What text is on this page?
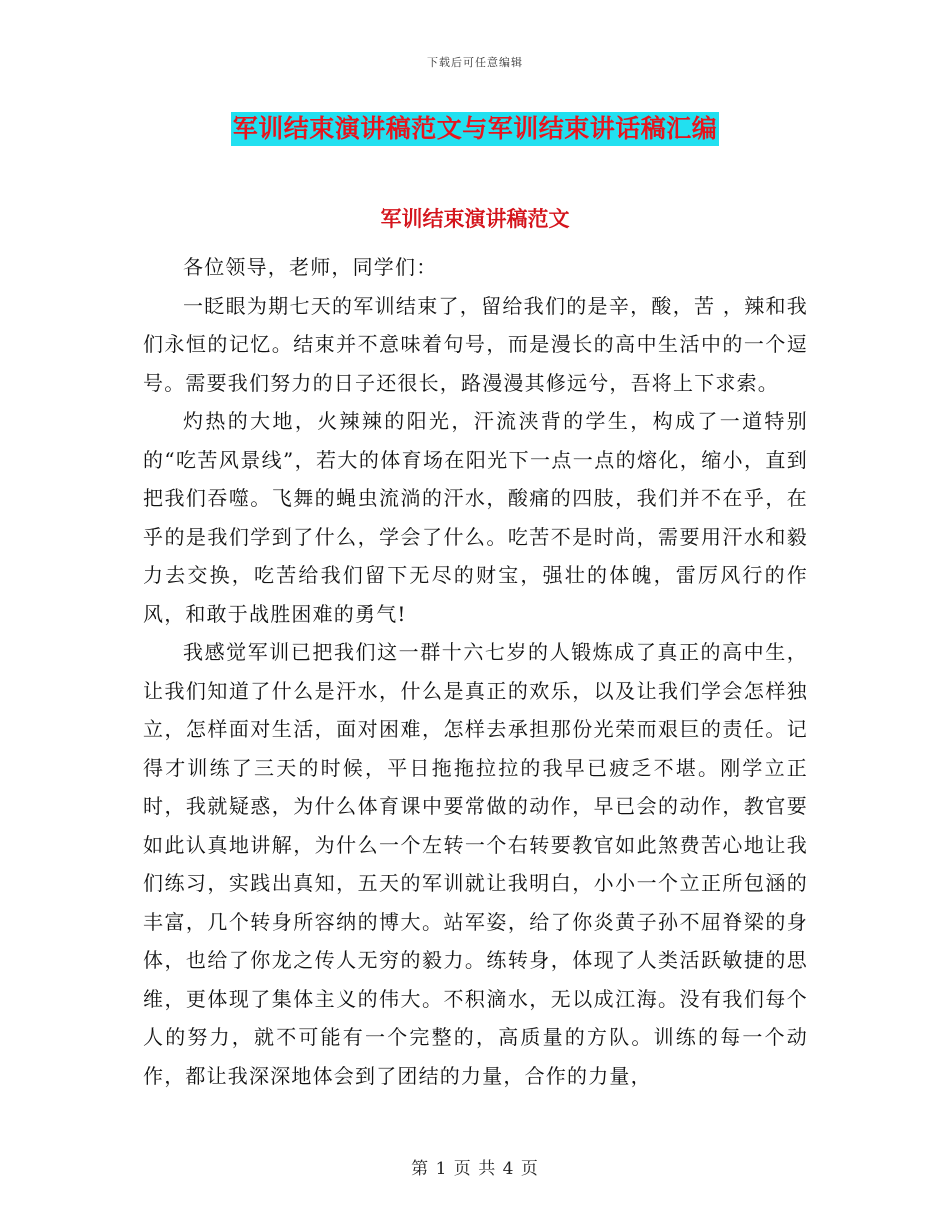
下载后可任意编辑
军训结束演讲稿范文与军训结束讲话稿汇编
军训结束演讲稿范文

各位领导，老师，同学们：

一眨眼为期七天的军训结束了，留给我们的是辛，酸，苦 ，辣和我们永恒的记忆。结束并不意味着句号，而是漫长的高中生活中的一个逗号。需要我们努力的日子还很长，路漫漫其修远兮，吾将上下求索。

灼热的大地，火辣辣的阳光，汗流浃背的学生，构成了一道特别的“吃苦风景线”，若大的体育场在阳光下一点一点的熔化，缩小，直到把我们吞噬。飞舞的蝇虫流淌的汗水，酸痛的四肢，我们并不在乎，在乎的是我们学到了什么，学会了什么。吃苦不是时尚，需要用汗水和毅力去交换，吃苦给我们留下无尽的财宝，强壮的体魄，雷厉风行的作风，和敢于战胜困难的勇气!

我感觉军训已把我们这一群十六七岁的人锻炼成了真正的高中生，让我们知道了什么是汗水，什么是真正的欢乐，以及让我们学会怎样独立，怎样面对生活，面对困难，怎样去承担那份光荣而艰巨的责任。记得才训练了三天的时候，平日拖拖拉拉的我早已疲乏不堪。刚学立正时，我就疑惑，为什么体育课中要常做的动作，早已会的动作，教官要如此认真地讲解，为什么一个左转一个右转要教官如此煞费苦心地让我们练习，实践出真知，五天的军训就让我明白，小小一个立正所包涵的丰富，几个转身所容纳的博大。站军姿，给了你炎黄子孙不屈脊梁的身体，也给了你龙之传人无穷的毅力。练转身，体现了人类活跃敏捷的思维，更体现了集体主义的伟大。不积滴水，无以成江海。没有我们每个人的努力，就不可能有一个完整的，高质量的方队。训练的每一个动作，都让我深深地体会到了团结的力量，合作的力量，

第 1 页 共 4 页
